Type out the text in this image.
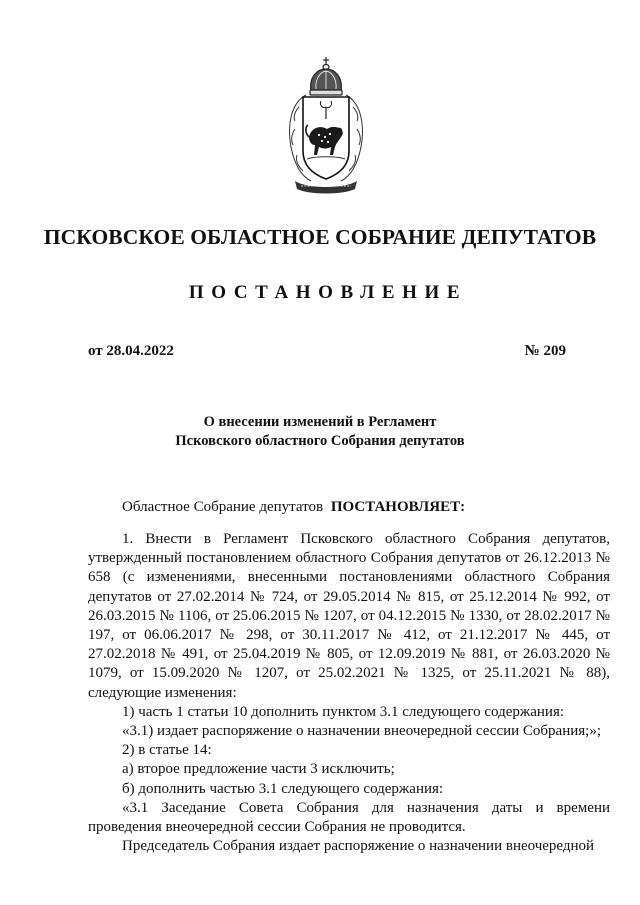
ПСКОВСКОЕ ОБЛАСТНОЕ СОБРАНИЕ ДЕПУТАТОВ
ПОСТАНОВЛЕНИЕ
от 28.04.2022	№ 209
О внесении изменений в Регламент
Псковского областного Собрания депутатов
Областное Собрание депутатов ПОСТАНОВЛЯЕТ:

1. Внести в Регламент Псковского областного Собрания депутатов, утвержденный постановлением областного Собрания депутатов от 26.12.2013 № 658 (с изменениями, внесенными постановлениями областного Собрания депутатов от 27.02.2014 № 724, от 29.05.2014 № 815, от 25.12.2014 № 992, от 26.03.2015 № 1106, от 25.06.2015 № 1207, от 04.12.2015 № 1330, от 28.02.2017 № 197, от 06.06.2017 № 298, от 30.11.2017 № 412, от 21.12.2017 № 445, от 27.02.2018 № 491, от 25.04.2019 № 805, от 12.09.2019 № 881, от 26.03.2020 № 1079, от 15.09.2020 № 1207, от 25.02.2021 № 1325, от 25.11.2021 № 88), следующие изменения:

1) часть 1 статьи 10 дополнить пунктом 3.1 следующего содержания:

«3.1) издает распоряжение о назначении внеочередной сессии Собрания;»;

2) в статье 14:

а) второе предложение части 3 исключить;

б) дополнить частью 3.1 следующего содержания:

«3.1 Заседание Совета Собрания для назначения даты и времени проведения внеочередной сессии Собрания не проводится.

Председатель Собрания издает распоряжение о назначении внеочередной
